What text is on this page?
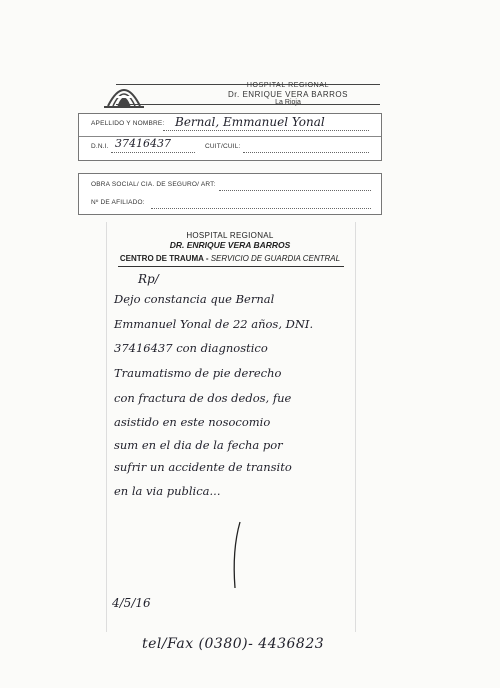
HOSPITAL REGIONAL
Dr. ENRIQUE VERA BARROS
La Rioja
APELLIDO Y NOMBRE: Bernal, Emmanuel Yonal
D.N.I. 37416437	CUIT/CUIL:
OBRA SOCIAL/ CIA. DE SEGURO/ ART:
Nº DE AFILIADO:
HOSPITAL REGIONAL
DR. ENRIQUE VERA BARROS
CENTRO DE TRAUMA - SERVICIO DE GUARDIA CENTRAL
Rp/
Dejo constancia que Bernal
Emmanuel Yonal de 22 años, DNI.
37416437 con diagnostico
Traumatismo de pie derecho
con fractura de dos dedos, fue
asistido en este nosocomio
sum en el dia de la fecha por
sufrir un accidente de transito
en la via publica...
4/5/16
tel/Fax (0380)- 4436823
